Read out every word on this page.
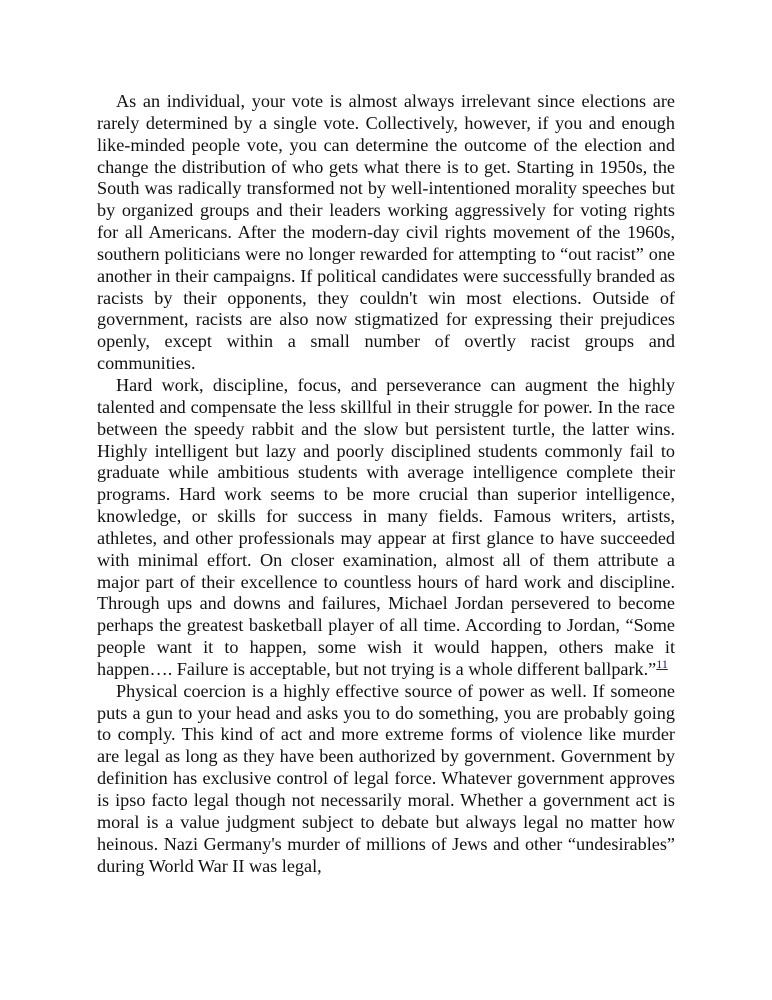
As an individual, your vote is almost always irrelevant since elections are rarely determined by a single vote. Collectively, however, if you and enough like-minded people vote, you can determine the outcome of the election and change the distribution of who gets what there is to get. Starting in 1950s, the South was radically transformed not by well-intentioned morality speeches but by organized groups and their leaders working aggressively for voting rights for all Americans. After the modern-day civil rights movement of the 1960s, southern politicians were no longer rewarded for attempting to “out racist” one another in their campaigns. If political candidates were successfully branded as racists by their opponents, they couldn't win most elections. Outside of government, racists are also now stigmatized for expressing their prejudices openly, except within a small number of overtly racist groups and communities.

Hard work, discipline, focus, and perseverance can augment the highly talented and compensate the less skillful in their struggle for power. In the race between the speedy rabbit and the slow but persistent turtle, the latter wins. Highly intelligent but lazy and poorly disciplined students commonly fail to graduate while ambitious students with average intelligence complete their programs. Hard work seems to be more crucial than superior intelligence, knowledge, or skills for success in many fields. Famous writers, artists, athletes, and other professionals may appear at first glance to have succeeded with minimal effort. On closer examination, almost all of them attribute a major part of their excellence to countless hours of hard work and discipline. Through ups and downs and failures, Michael Jordan persevered to become perhaps the greatest basketball player of all time. According to Jordan, “Some people want it to happen, some wish it would happen, others make it happen…. Failure is acceptable, but not trying is a whole different ballpark.”$^{11}$

Physical coercion is a highly effective source of power as well. If someone puts a gun to your head and asks you to do something, you are probably going to comply. This kind of act and more extreme forms of violence like murder are legal as long as they have been authorized by government. Government by definition has exclusive control of legal force. Whatever government approves is ipso facto legal though not necessarily moral. Whether a government act is moral is a value judgment subject to debate but always legal no matter how heinous. Nazi Germany's murder of millions of Jews and other “undesirables” during World War II was legal,
